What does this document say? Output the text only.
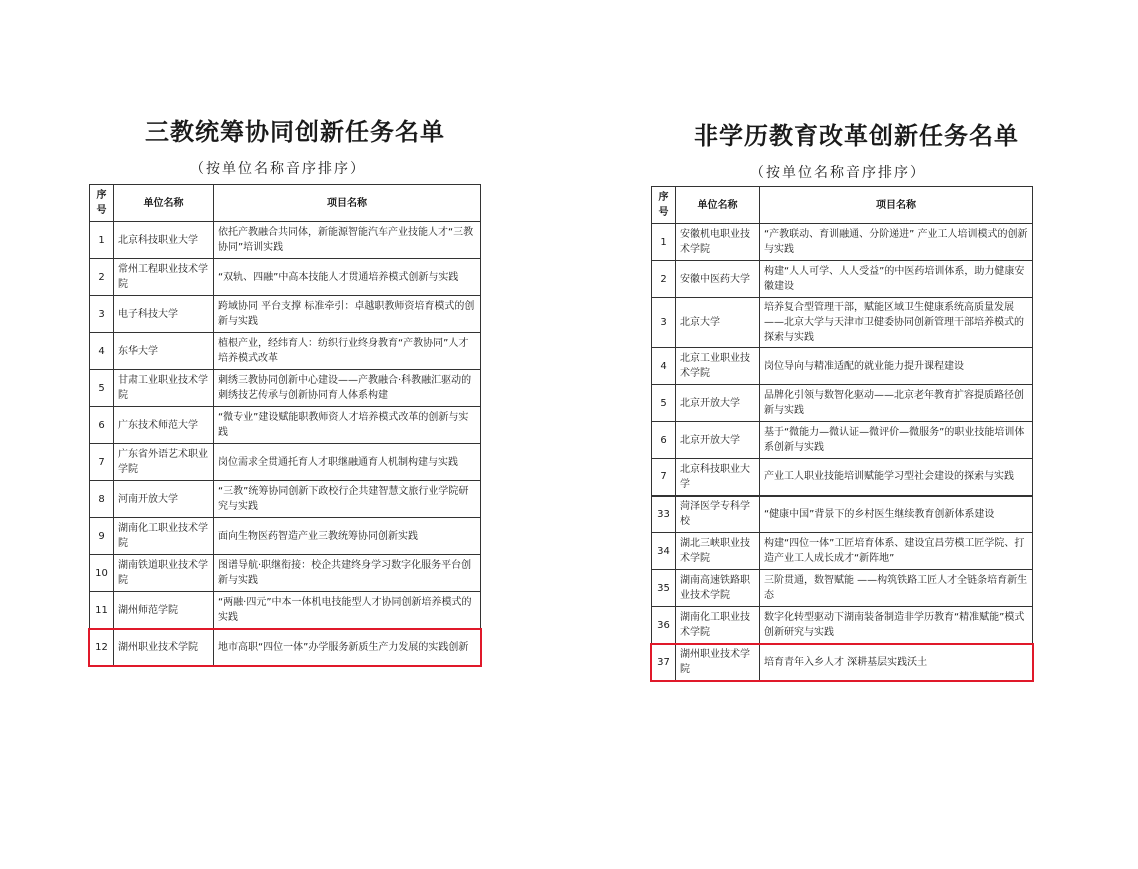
三教统筹协同创新任务名单
（按单位名称音序排序）
序号	单位名称	项目名称
1	北京科技职业大学	依托产教融合共同体，新能源智能汽车产业技能人才“三教协同”培训实践
2	常州工程职业技术学院	“双轨、四融”中高本技能人才贯通培养模式创新与实践
3	电子科技大学	跨域协同 平台支撑 标准牵引：卓越职教师资培育模式的创新与实践
4	东华大学	植根产业，经纬育人：纺织行业终身教育“产教协同”人才培养模式改革
5	甘肃工业职业技术学院	刺绣三教协同创新中心建设——产教融合·科教融汇驱动的刺绣技艺传承与创新协同育人体系构建
6	广东技术师范大学	“微专业”建设赋能职教师资人才培养模式改革的创新与实践
7	广东省外语艺术职业学院	岗位需求全贯通托育人才职继融通育人机制构建与实践
8	河南开放大学	“三教”统筹协同创新下政校行企共建智慧文旅行业学院研究与实践
9	湖南化工职业技术学院	面向生物医药智造产业三教统筹协同创新实践
10	湖南铁道职业技术学院	图谱导航·职继衔接：校企共建终身学习数字化服务平台创新与实践
11	湖州师范学院	“两融·四元”中本一体机电技能型人才协同创新培养模式的实践
12	湖州职业技术学院	地市高职“四位一体”办学服务新质生产力发展的实践创新
非学历教育改革创新任务名单
（按单位名称音序排序）
序号	单位名称	项目名称
1	安徽机电职业技术学院	“产教联动、育训融通、分阶递进” 产业工人培训模式的创新与实践
2	安徽中医药大学	构建“人人可学、人人受益”的中医药培训体系，助力健康安徽建设
3	北京大学	培养复合型管理干部，赋能区域卫生健康系统高质量发展——北京大学与天津市卫健委协同创新管理干部培养模式的探索与实践
4	北京工业职业技术学院	岗位导向与精准适配的就业能力提升课程建设
5	北京开放大学	品牌化引领与数智化驱动——北京老年教育扩容提质路径创新与实践
6	北京开放大学	基于“微能力—微认证—微评价—微服务”的职业技能培训体系创新与实践
7	北京科技职业大学	产业工人职业技能培训赋能学习型社会建设的探索与实践
33	菏泽医学专科学校	“健康中国”背景下的乡村医生继续教育创新体系建设
34	湖北三峡职业技术学院	构建“四位一体”工匠培育体系、建设宜昌劳模工匠学院、打造产业工人成长成才“新阵地”
35	湖南高速铁路职业技术学院	三阶贯通，数智赋能 ——构筑铁路工匠人才全链条培育新生态
36	湖南化工职业技术学院	数字化转型驱动下湖南装备制造非学历教育“精准赋能”模式创新研究与实践
37	湖州职业技术学院	培育青年入乡人才 深耕基层实践沃土
